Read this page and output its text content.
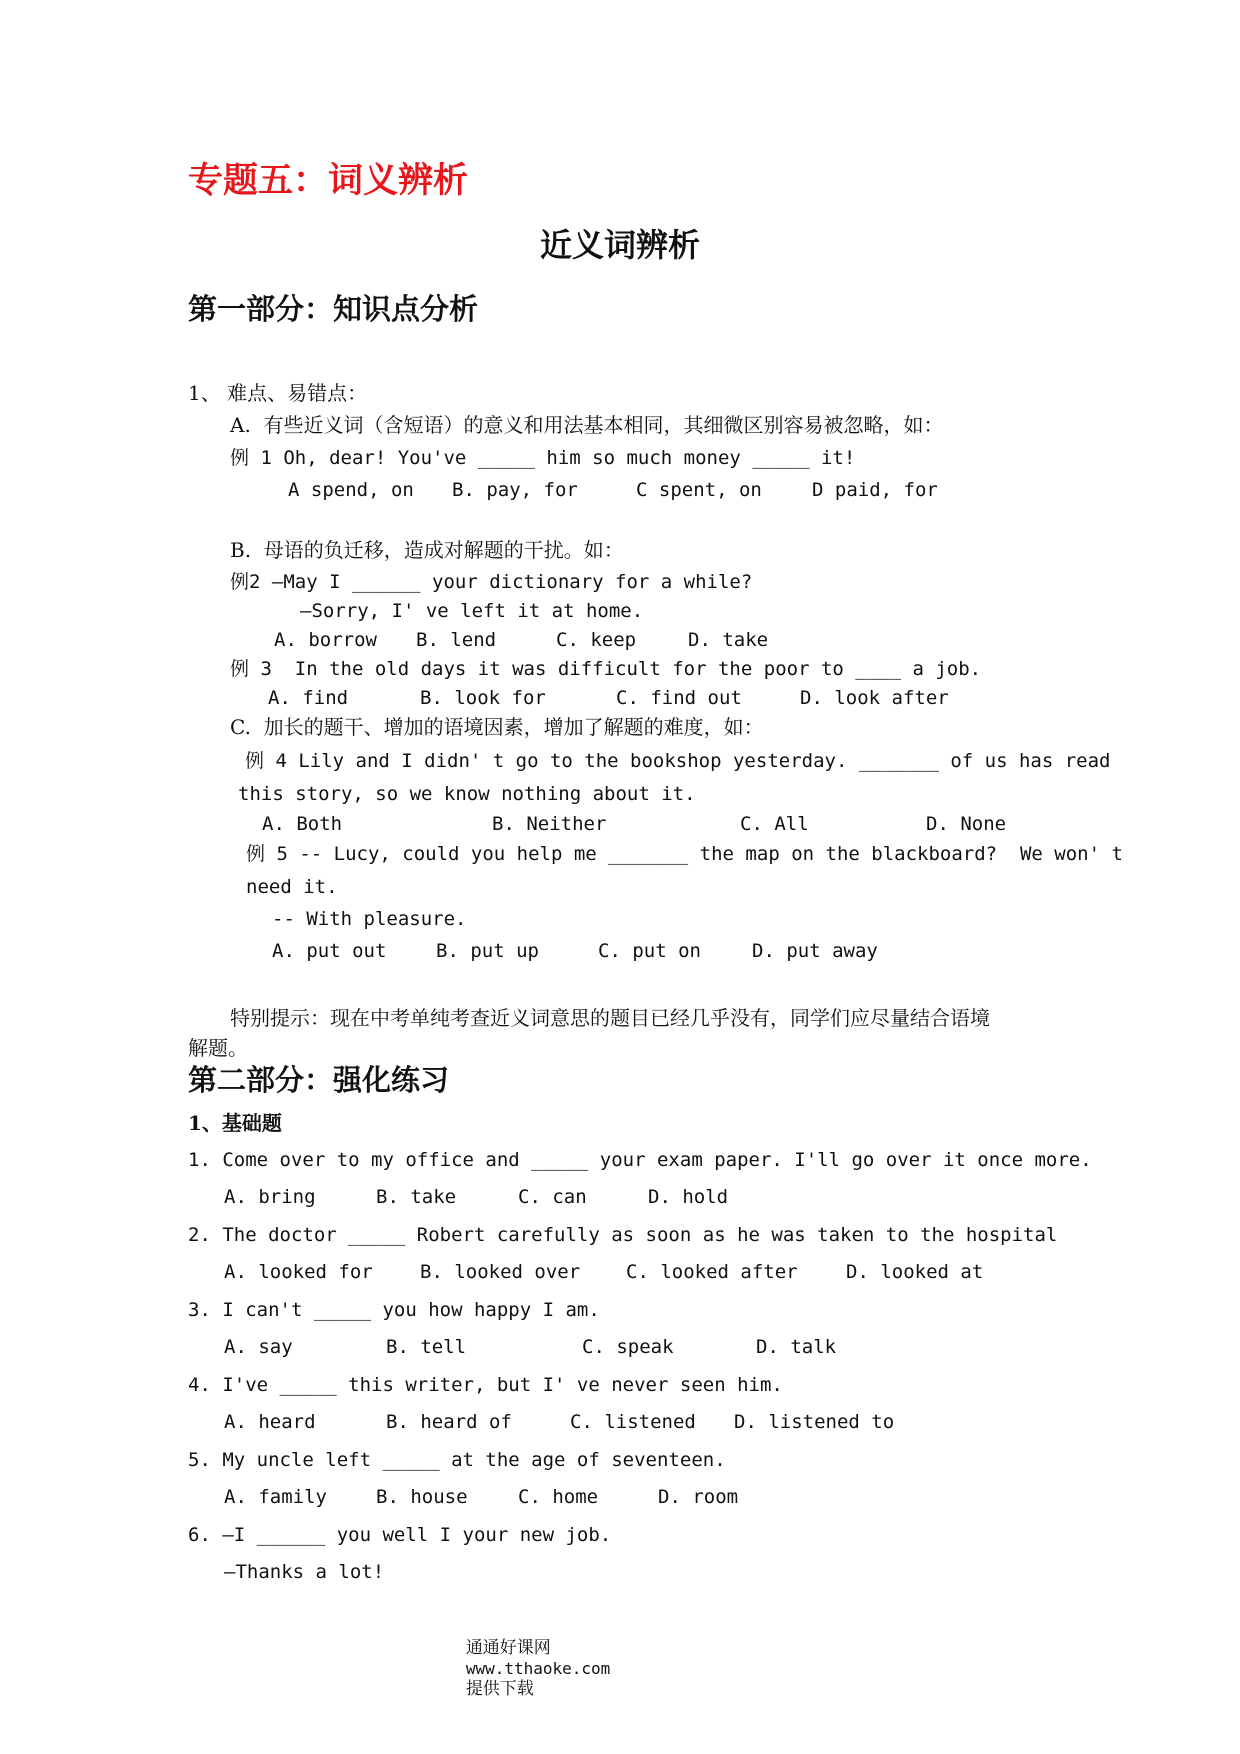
专题五：词义辨析
近义词辨析
第一部分：知识点分析
1、 难点、易错点：
A.  有些近义词（含短语）的意义和用法基本相同，其细微区别容易被忽略，如：
例 1 Oh, dear! You've _____ him so much money _____ it!
A spend, on B. pay, for	C spent, on	D paid, for
B.  母语的负迁移，造成对解题的干扰。如：
例2 —May I ______ your dictionary for a while?
—Sorry, I' ve left it at home.
A. borrow B. lend	C. keep	D. take
例 3  In the old days it was difficult for the poor to ____ a job.
A. find	B. look for	C. find out	D. look after
C.  加长的题干、增加的语境因素，增加了解题的难度，如：
例 4 Lily and I didn' t go to the bookshop yesterday. _______ of us has read
this story, so we know nothing about it.
A. Both	B. Neither	C. All	D. None
例 5 -- Lucy, could you help me _______ the map on the blackboard?  We won' t
need it.
-- With pleasure.
A. put out	B. put up	C. put on	D. put away
特别提示：现在中考单纯考查近义词意思的题目已经几乎没有，同学们应尽量结合语境
解题。
第二部分：强化练习
1、基础题
1. Come over to my office and _____ your exam paper. I'll go over it once more.
A. bring	B. take	C. can	D. hold
2. The doctor _____ Robert carefully as soon as he was taken to the hospital
A. looked for B. looked over C. looked after	D. looked at
3. I can't _____ you how happy I am.
A. say	B. tell	C. speak	D. talk
4. I've _____ this writer, but I' ve never seen him.
A. heard	B. heard of	C. listened D. listened to
5. My uncle left _____ at the age of seventeen.
A. family	B. house	C. home	D. room
6. —I ______ you well I your new job.
—Thanks a lot!

通通好课网
www.tthaoke.com
提供下载
